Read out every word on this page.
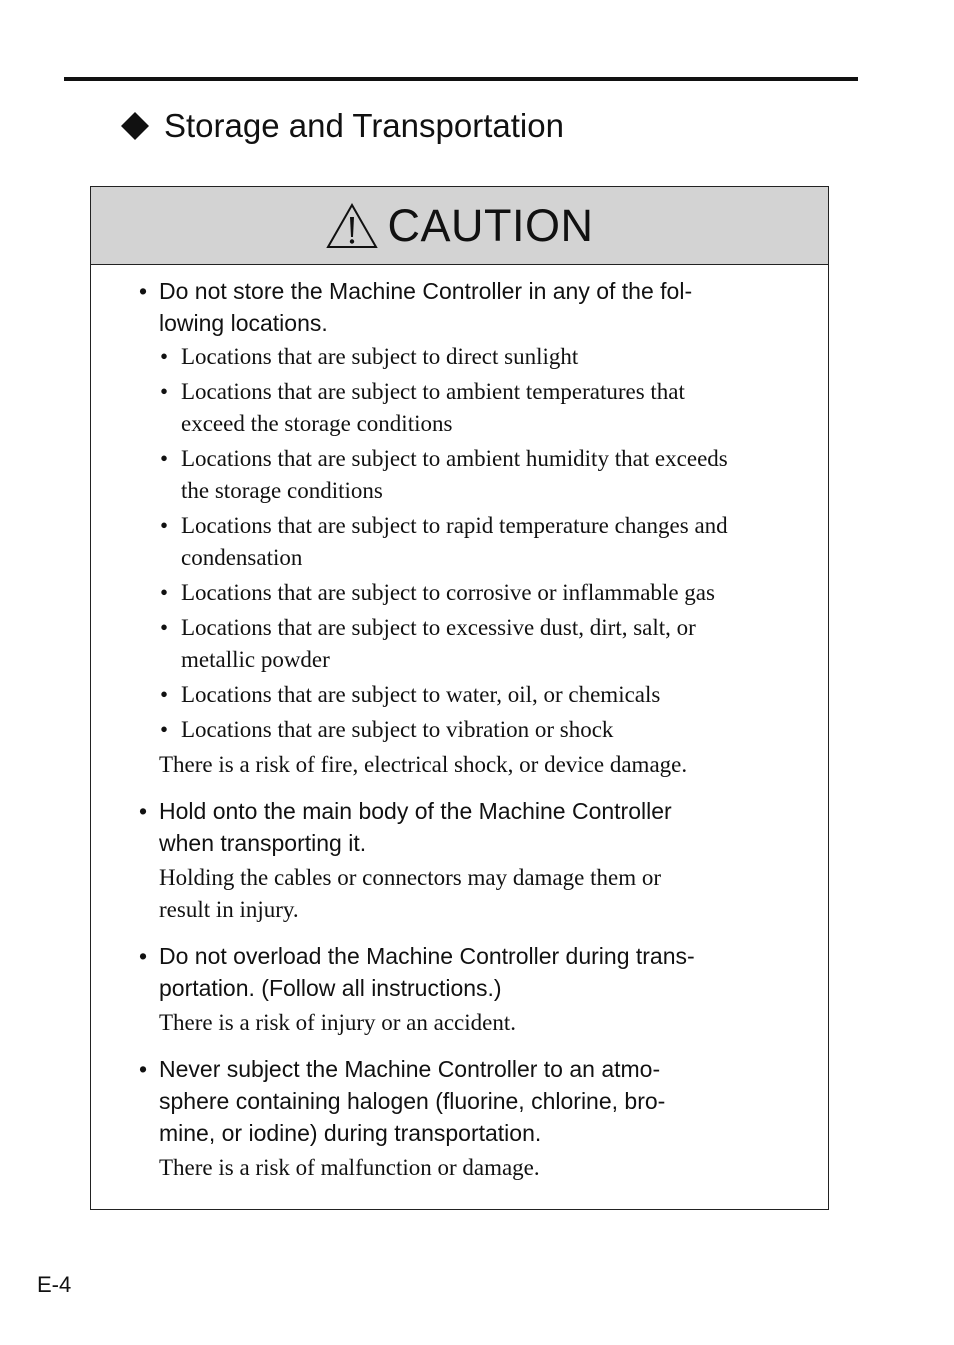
Storage and Transportation
CAUTION
• Do not store the Machine Controller in any of the fol-
lowing locations.
• Locations that are subject to direct sunlight
• Locations that are subject to ambient temperatures that
exceed the storage conditions
• Locations that are subject to ambient humidity that exceeds
the storage conditions
• Locations that are subject to rapid temperature changes and
condensation
• Locations that are subject to corrosive or inflammable gas
• Locations that are subject to excessive dust, dirt, salt, or
metallic powder
• Locations that are subject to water, oil, or chemicals
• Locations that are subject to vibration or shock
There is a risk of fire, electrical shock, or device damage.
• Hold onto the main body of the Machine Controller
when transporting it.
Holding the cables or connectors may damage them or
result in injury.
• Do not overload the Machine Controller during trans-
portation. (Follow all instructions.)
There is a risk of injury or an accident.
• Never subject the Machine Controller to an atmo-
sphere containing halogen (fluorine, chlorine, bro-
mine, or iodine) during transportation.
There is a risk of malfunction or damage.
E-4
